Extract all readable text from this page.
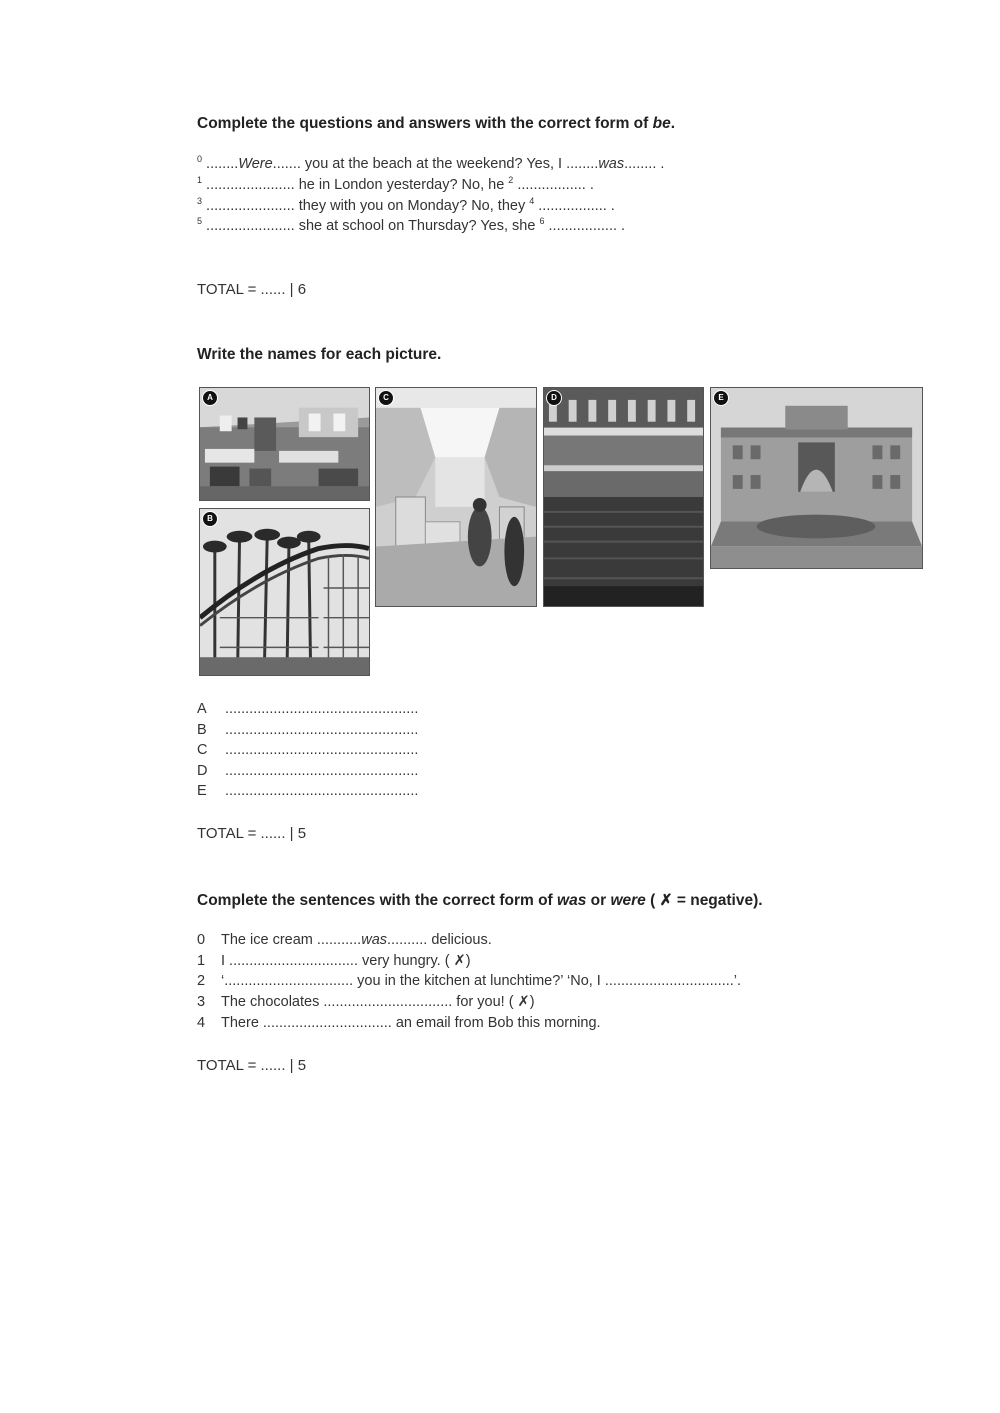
Complete the questions and answers with the correct form of be.
$^0$ ........Were....... you at the beach at the weekend? Yes, I ........was........ .
$^1$ ...................... he in London yesterday? No, he $^2$ ................. .
$^3$ ...................... they with you on Monday? No, they $^4$ ................. .
$^5$ ...................... she at school on Thursday? Yes, she $^6$ ................. .
TOTAL = ...... | 6
Write the names for each picture.
A
B
C	D	E
A ................................................
B ................................................
C ................................................
D ................................................
E ................................................
TOTAL = ...... | 5
Complete the sentences with the correct form of was or were ( ✗ = negative).
0 The ice cream ...........was.......... delicious.
1 I ................................ very hungry. ( ✗)
2 ‘................................ you in the kitchen at lunchtime?’ ‘No, I ................................’.
3 The chocolates ................................ for you! ( ✗)
4 There ................................ an email from Bob this morning.
TOTAL = ...... | 5
